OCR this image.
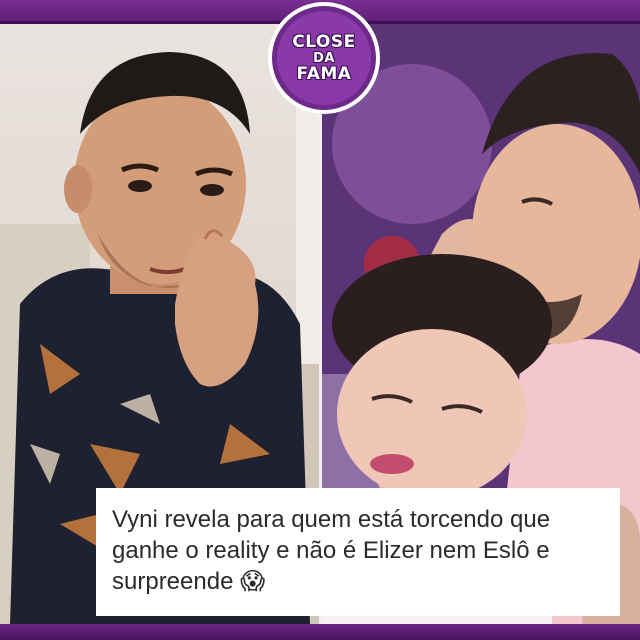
CLOSE
DA
FAMA

Vyni revela para quem está torcendo que ganhe o reality e não é Elizer nem Eslô e surpreende 😱
